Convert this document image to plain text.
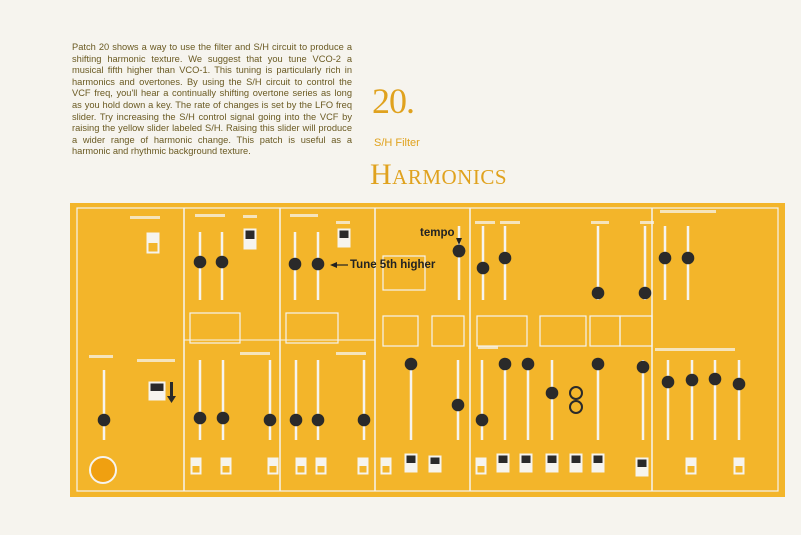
Patch 20 shows a way to use the filter and S/H circuit to produce a shifting harmonic texture. We suggest that you tune VCO-2 a musical fifth higher than VCO-1. This tuning is particularly rich in harmonics and overtones. By using the S/H circuit to control the VCF freq, you'll hear a continually shifting overtone series as long as you hold down a key. The rate of changes is set by the LFO freq slider. Try increasing the S/H control signal going into the VCF by raising the yellow slider labeled S/H. Raising this slider will produce a wider range of harmonic change. This patch is useful as a harmonic and rhythmic background texture.

20.
S/H Filter
Harmonics
tempo
Tune 5th higher
